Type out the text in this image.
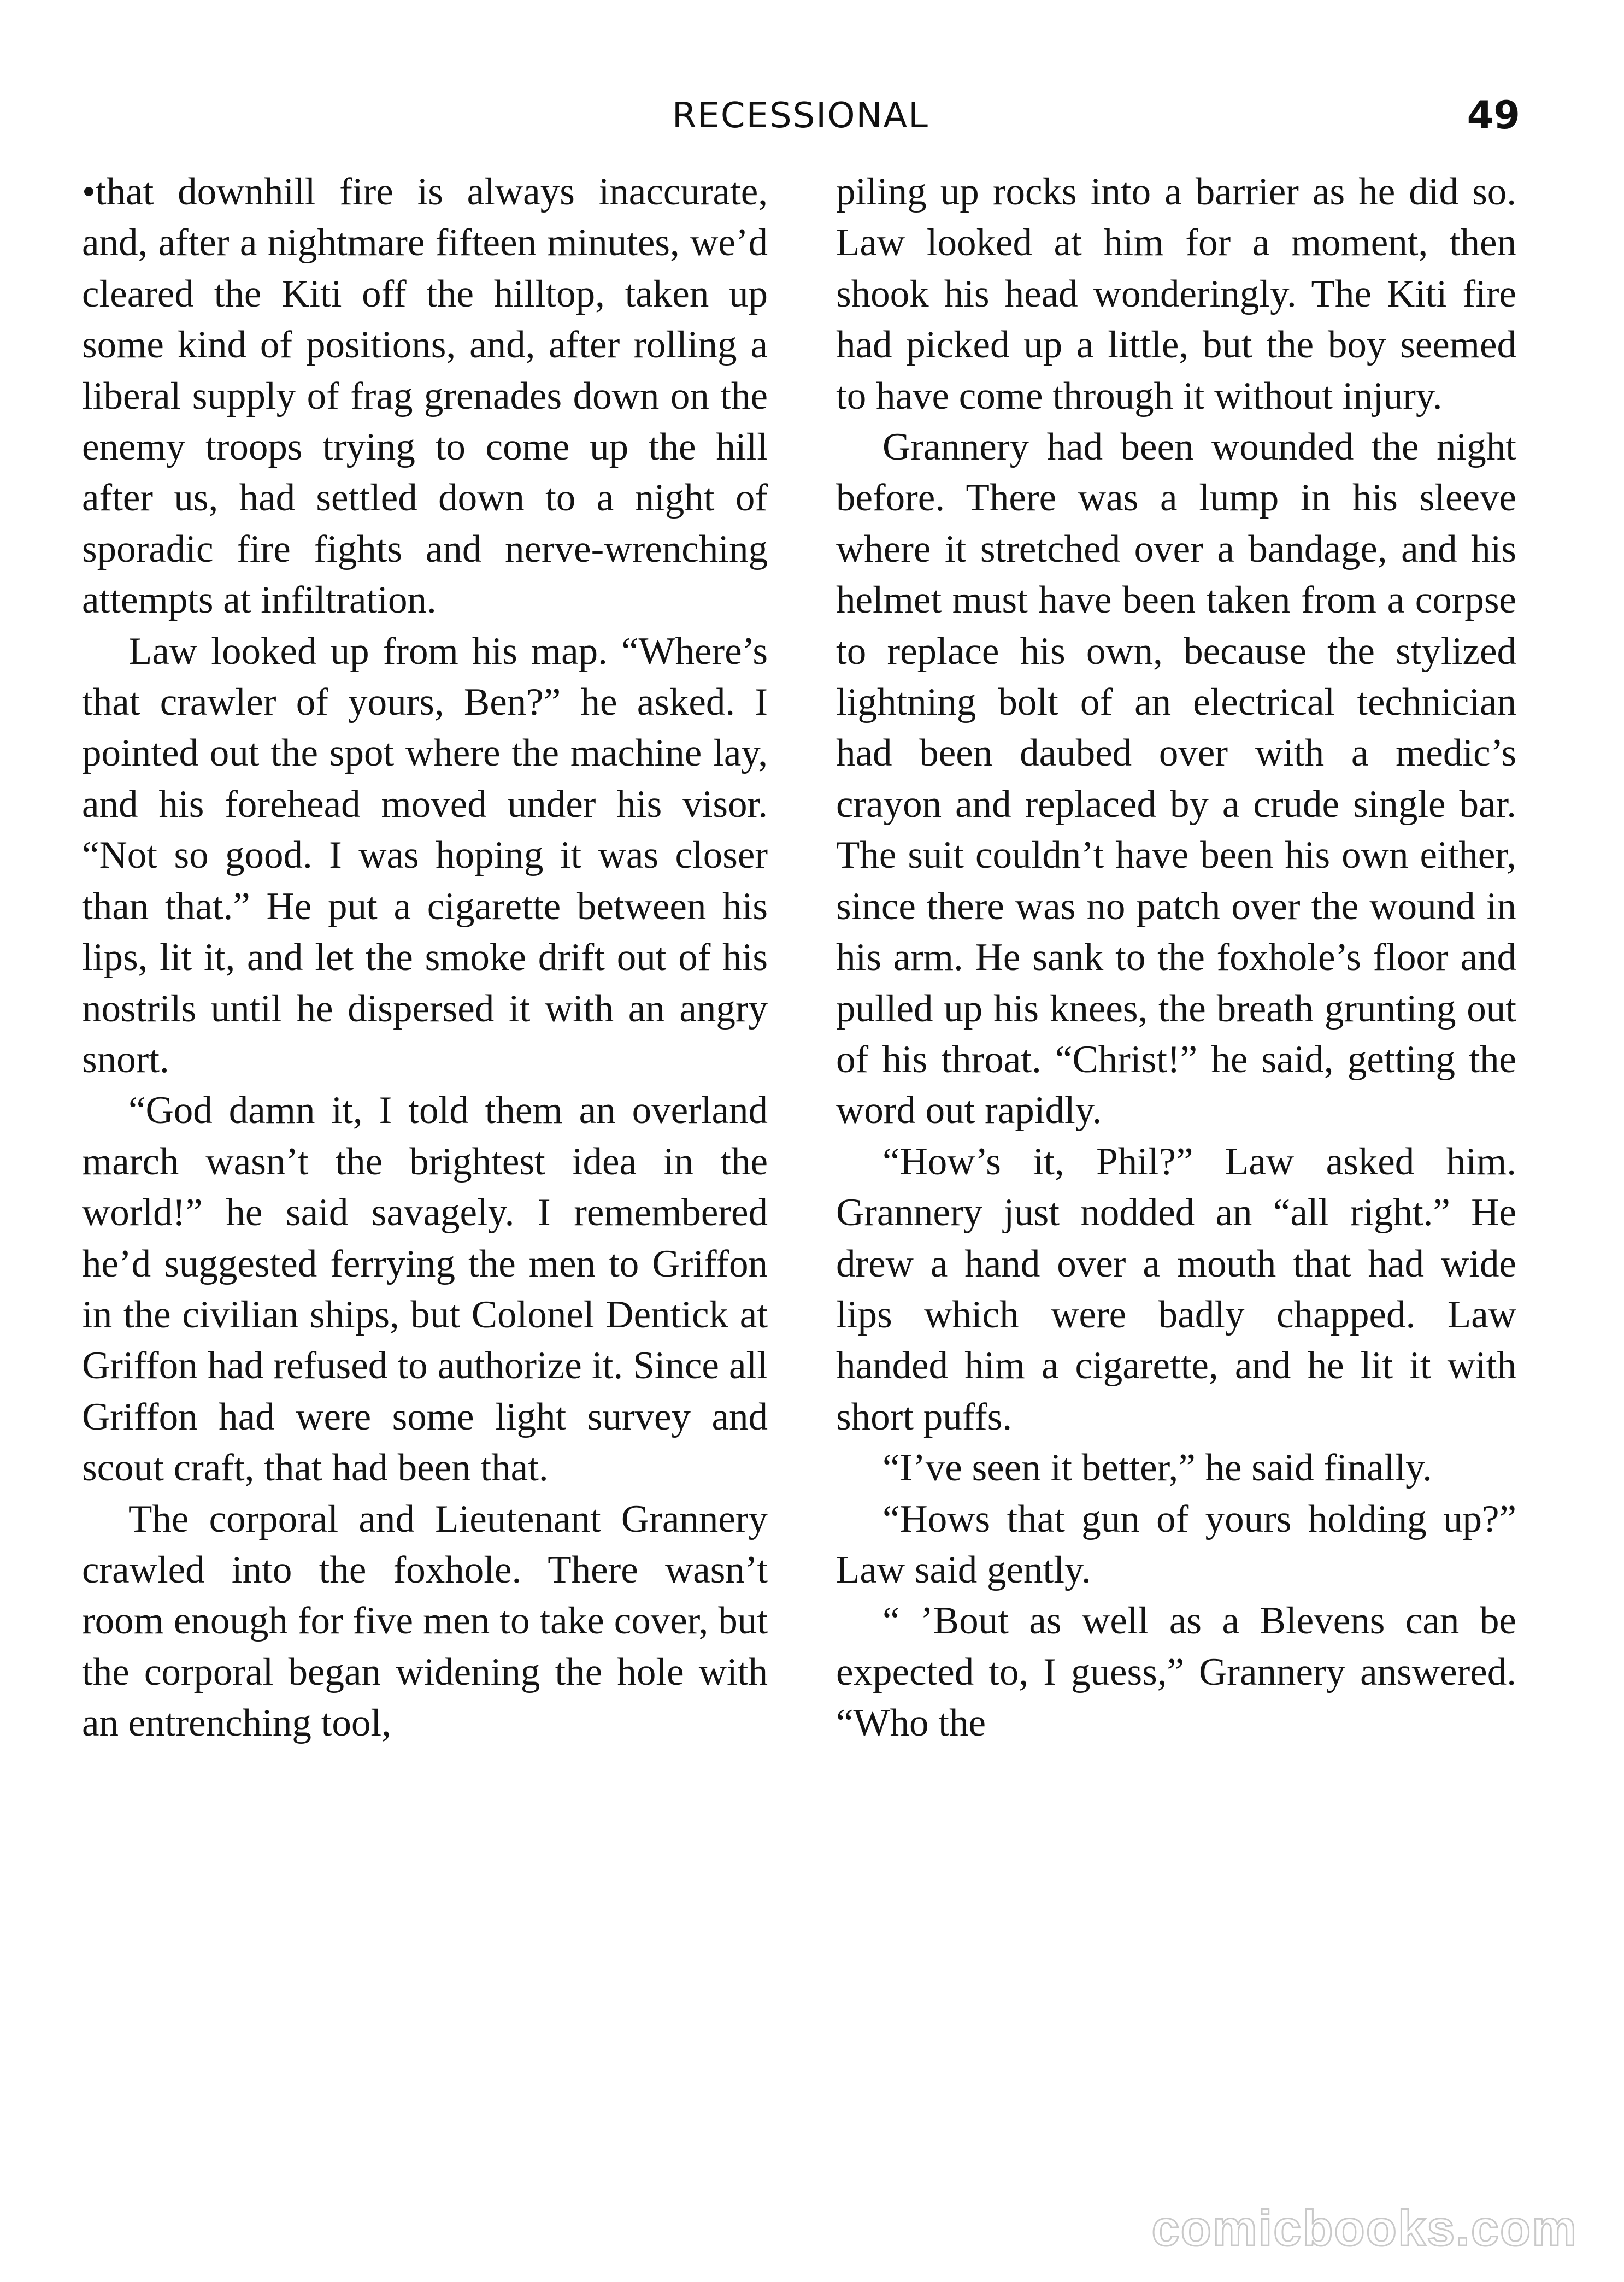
RECESSIONAL	49

•that downhill fire is always inaccurate, and, after a nightmare fifteen minutes, we’d cleared the Kiti off the hilltop, taken up some kind of positions, and, after rolling a liberal supply of frag grenades down on the enemy troops trying to come up the hill after us, had settled down to a night of sporadic fire fights and nerve-wrenching attempts at infiltration.

Law looked up from his map. “Where’s that crawler of yours, Ben?” he asked. I pointed out the spot where the machine lay, and his forehead moved under his visor. “Not so good. I was hoping it was closer than that.” He put a cigarette between his lips, lit it, and let the smoke drift out of his nostrils until he dispersed it with an angry snort.

“God damn it, I told them an overland march wasn’t the brightest idea in the world!” he said savagely. I remembered he’d suggested ferrying the men to Griffon in the civilian ships, but Colonel Dentick at Griffon had refused to authorize it. Since all Griffon had were some light survey and scout craft, that had been that.

The corporal and Lieutenant Grannery crawled into the foxhole. There wasn’t room enough for five men to take cover, but the corporal began widening the hole with an entrenching tool,

piling up rocks into a barrier as he did so. Law looked at him for a moment, then shook his head wonderingly. The Kiti fire had picked up a little, but the boy seemed to have come through it without injury.

Grannery had been wounded the night before. There was a lump in his sleeve where it stretched over a bandage, and his helmet must have been taken from a corpse to replace his own, because the stylized lightning bolt of an electrical technician had been daubed over with a medic’s crayon and replaced by a crude single bar. The suit couldn’t have been his own either, since there was no patch over the wound in his arm. He sank to the foxhole’s floor and pulled up his knees, the breath grunting out of his throat. “Christ!” he said, getting the word out rapidly.

“How’s it, Phil?” Law asked him. Grannery just nodded an “all right.” He drew a hand over a mouth that had wide lips which were badly chapped. Law handed him a cigarette, and he lit it with short puffs.

“I’ve seen it better,” he said finally.

“Hows that gun of yours holding up?” Law said gently.

“ ’Bout as well as a Blevens can be expected to, I guess,” Grannery answered. “Who the

comicbooks.com
